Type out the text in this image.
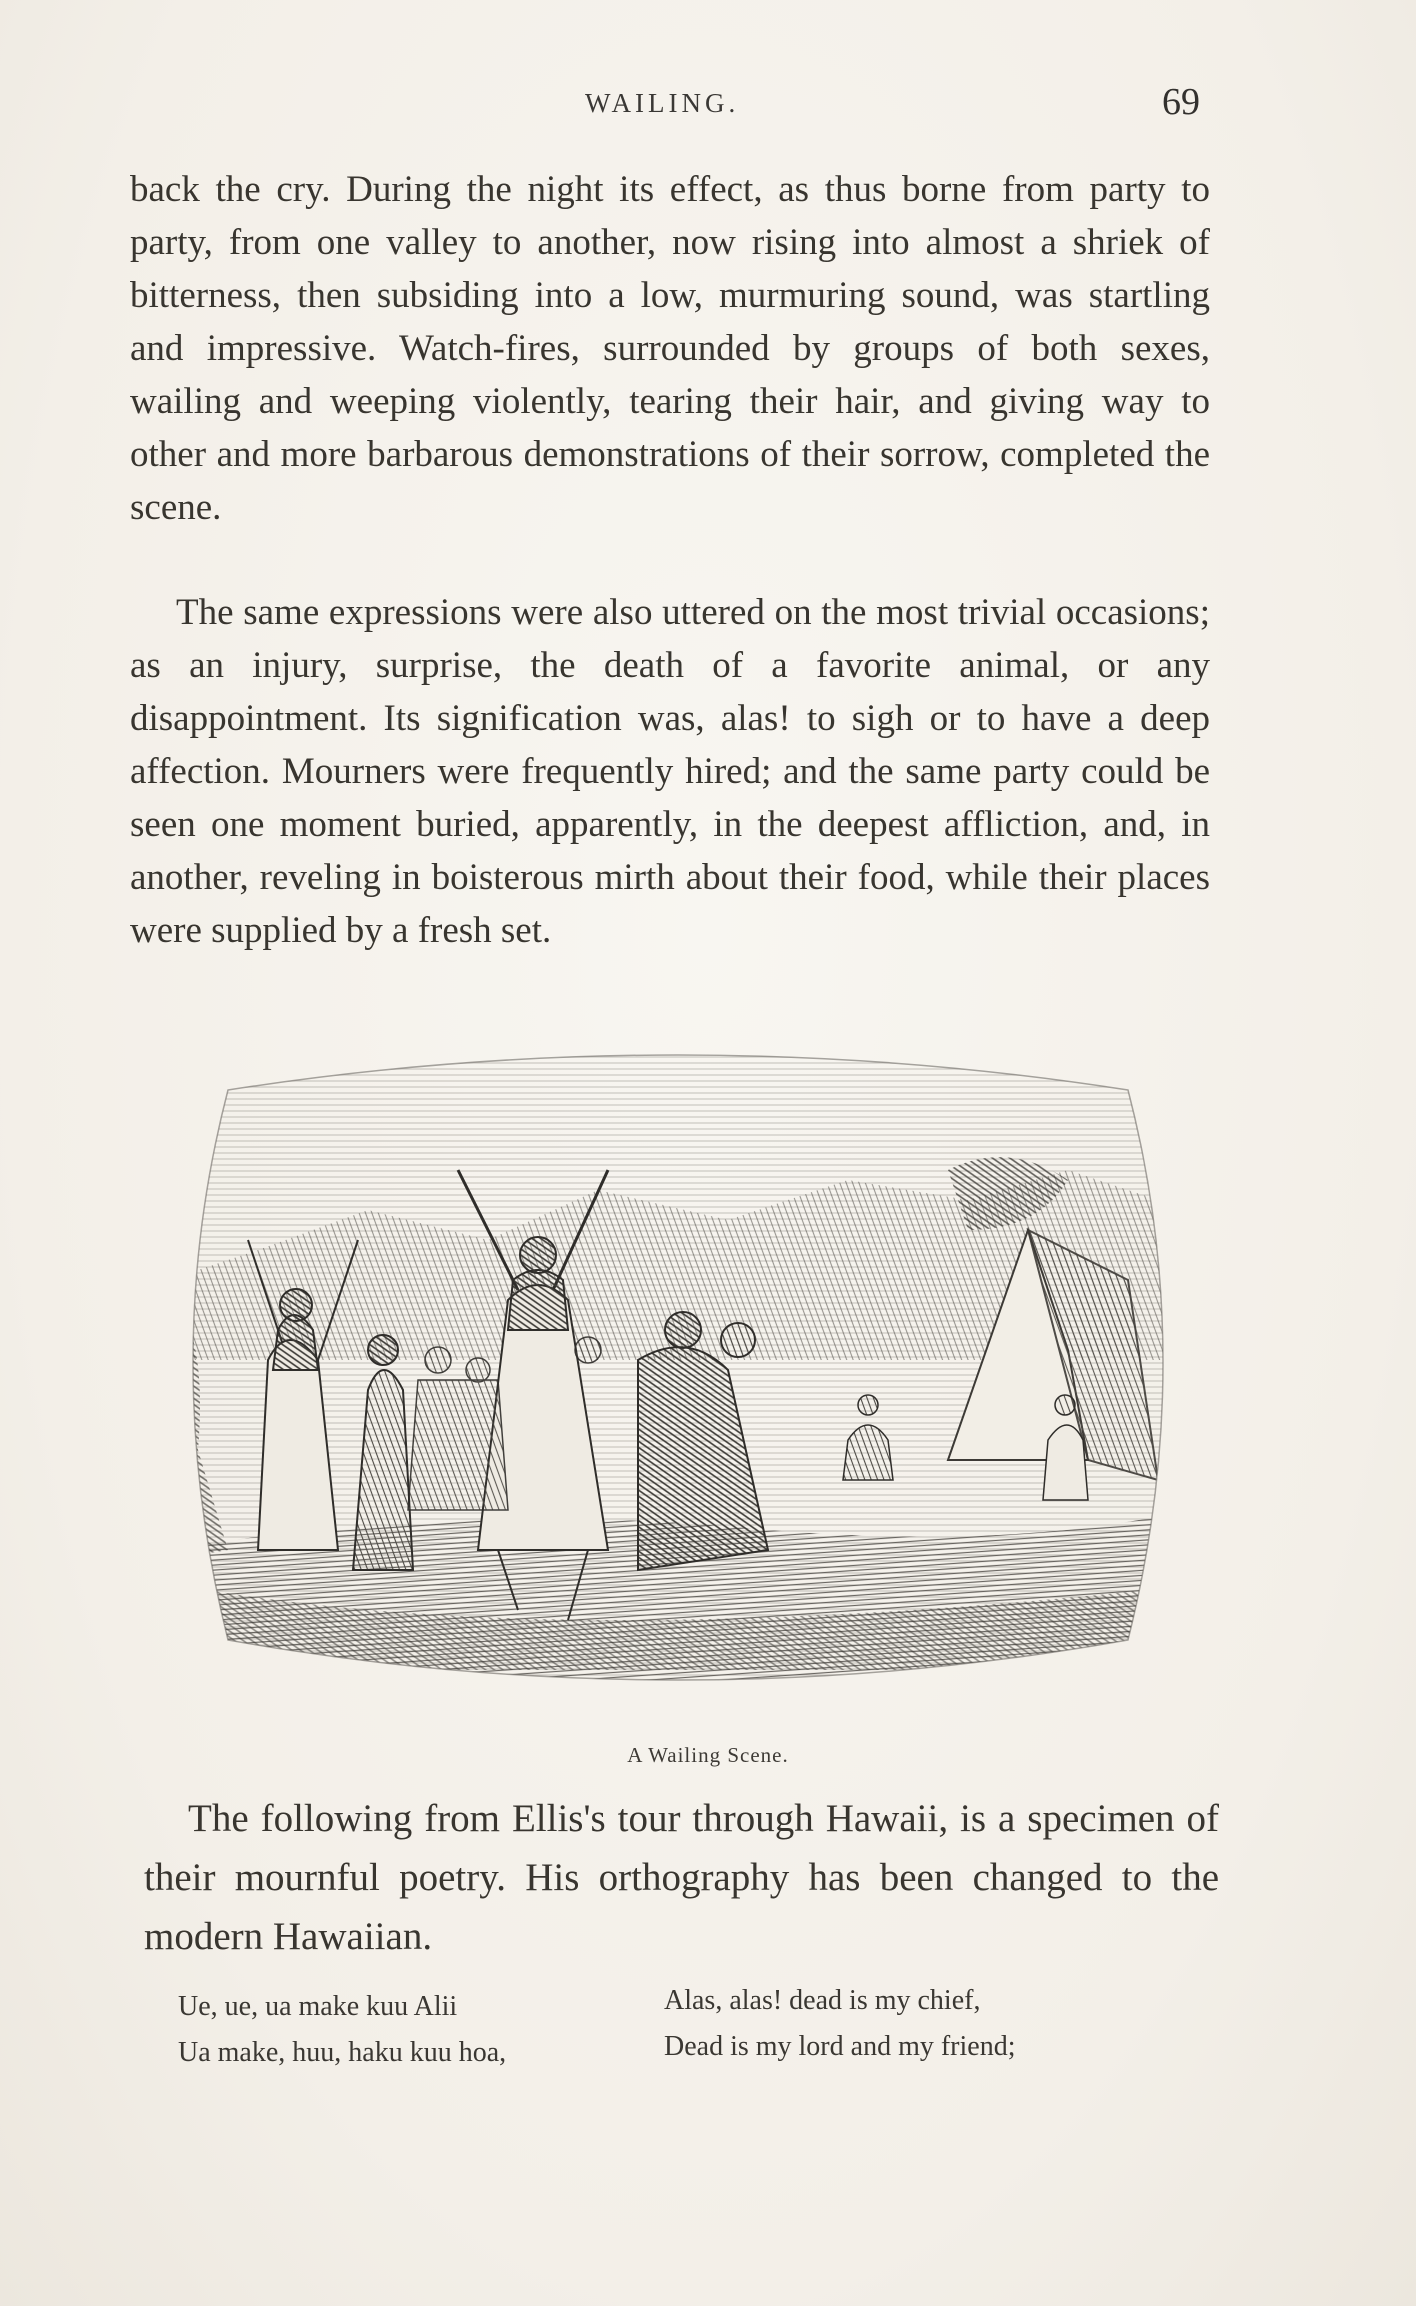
WAILING.	69

back the cry. During the night its effect, as thus borne from party to party, from one valley to another, now rising into almost a shriek of bitterness, then subsiding into a low, murmuring sound, was startling and impressive. Watch-fires, surrounded by groups of both sexes, wailing and weeping violently, tearing their hair, and giving way to other and more barbarous demonstrations of their sorrow, completed the scene.

The same expressions were also uttered on the most trivial occasions; as an injury, surprise, the death of a favorite animal, or any disappointment. Its signification was, alas! to sigh or to have a deep affection. Mourners were frequently hired; and the same party could be seen one moment buried, apparently, in the deepest affliction, and, in another, reveling in boisterous mirth about their food, while their places were supplied by a fresh set.

A Wailing Scene.
The following from Ellis's tour through Hawaii, is a specimen of their mournful poetry. His orthography has been changed to the modern Hawaiian.
Ue, ue, ua make kuu Alii
Ua make, huu, haku kuu hoa,
Alas, alas! dead is my chief,
Dead is my lord and my friend;
